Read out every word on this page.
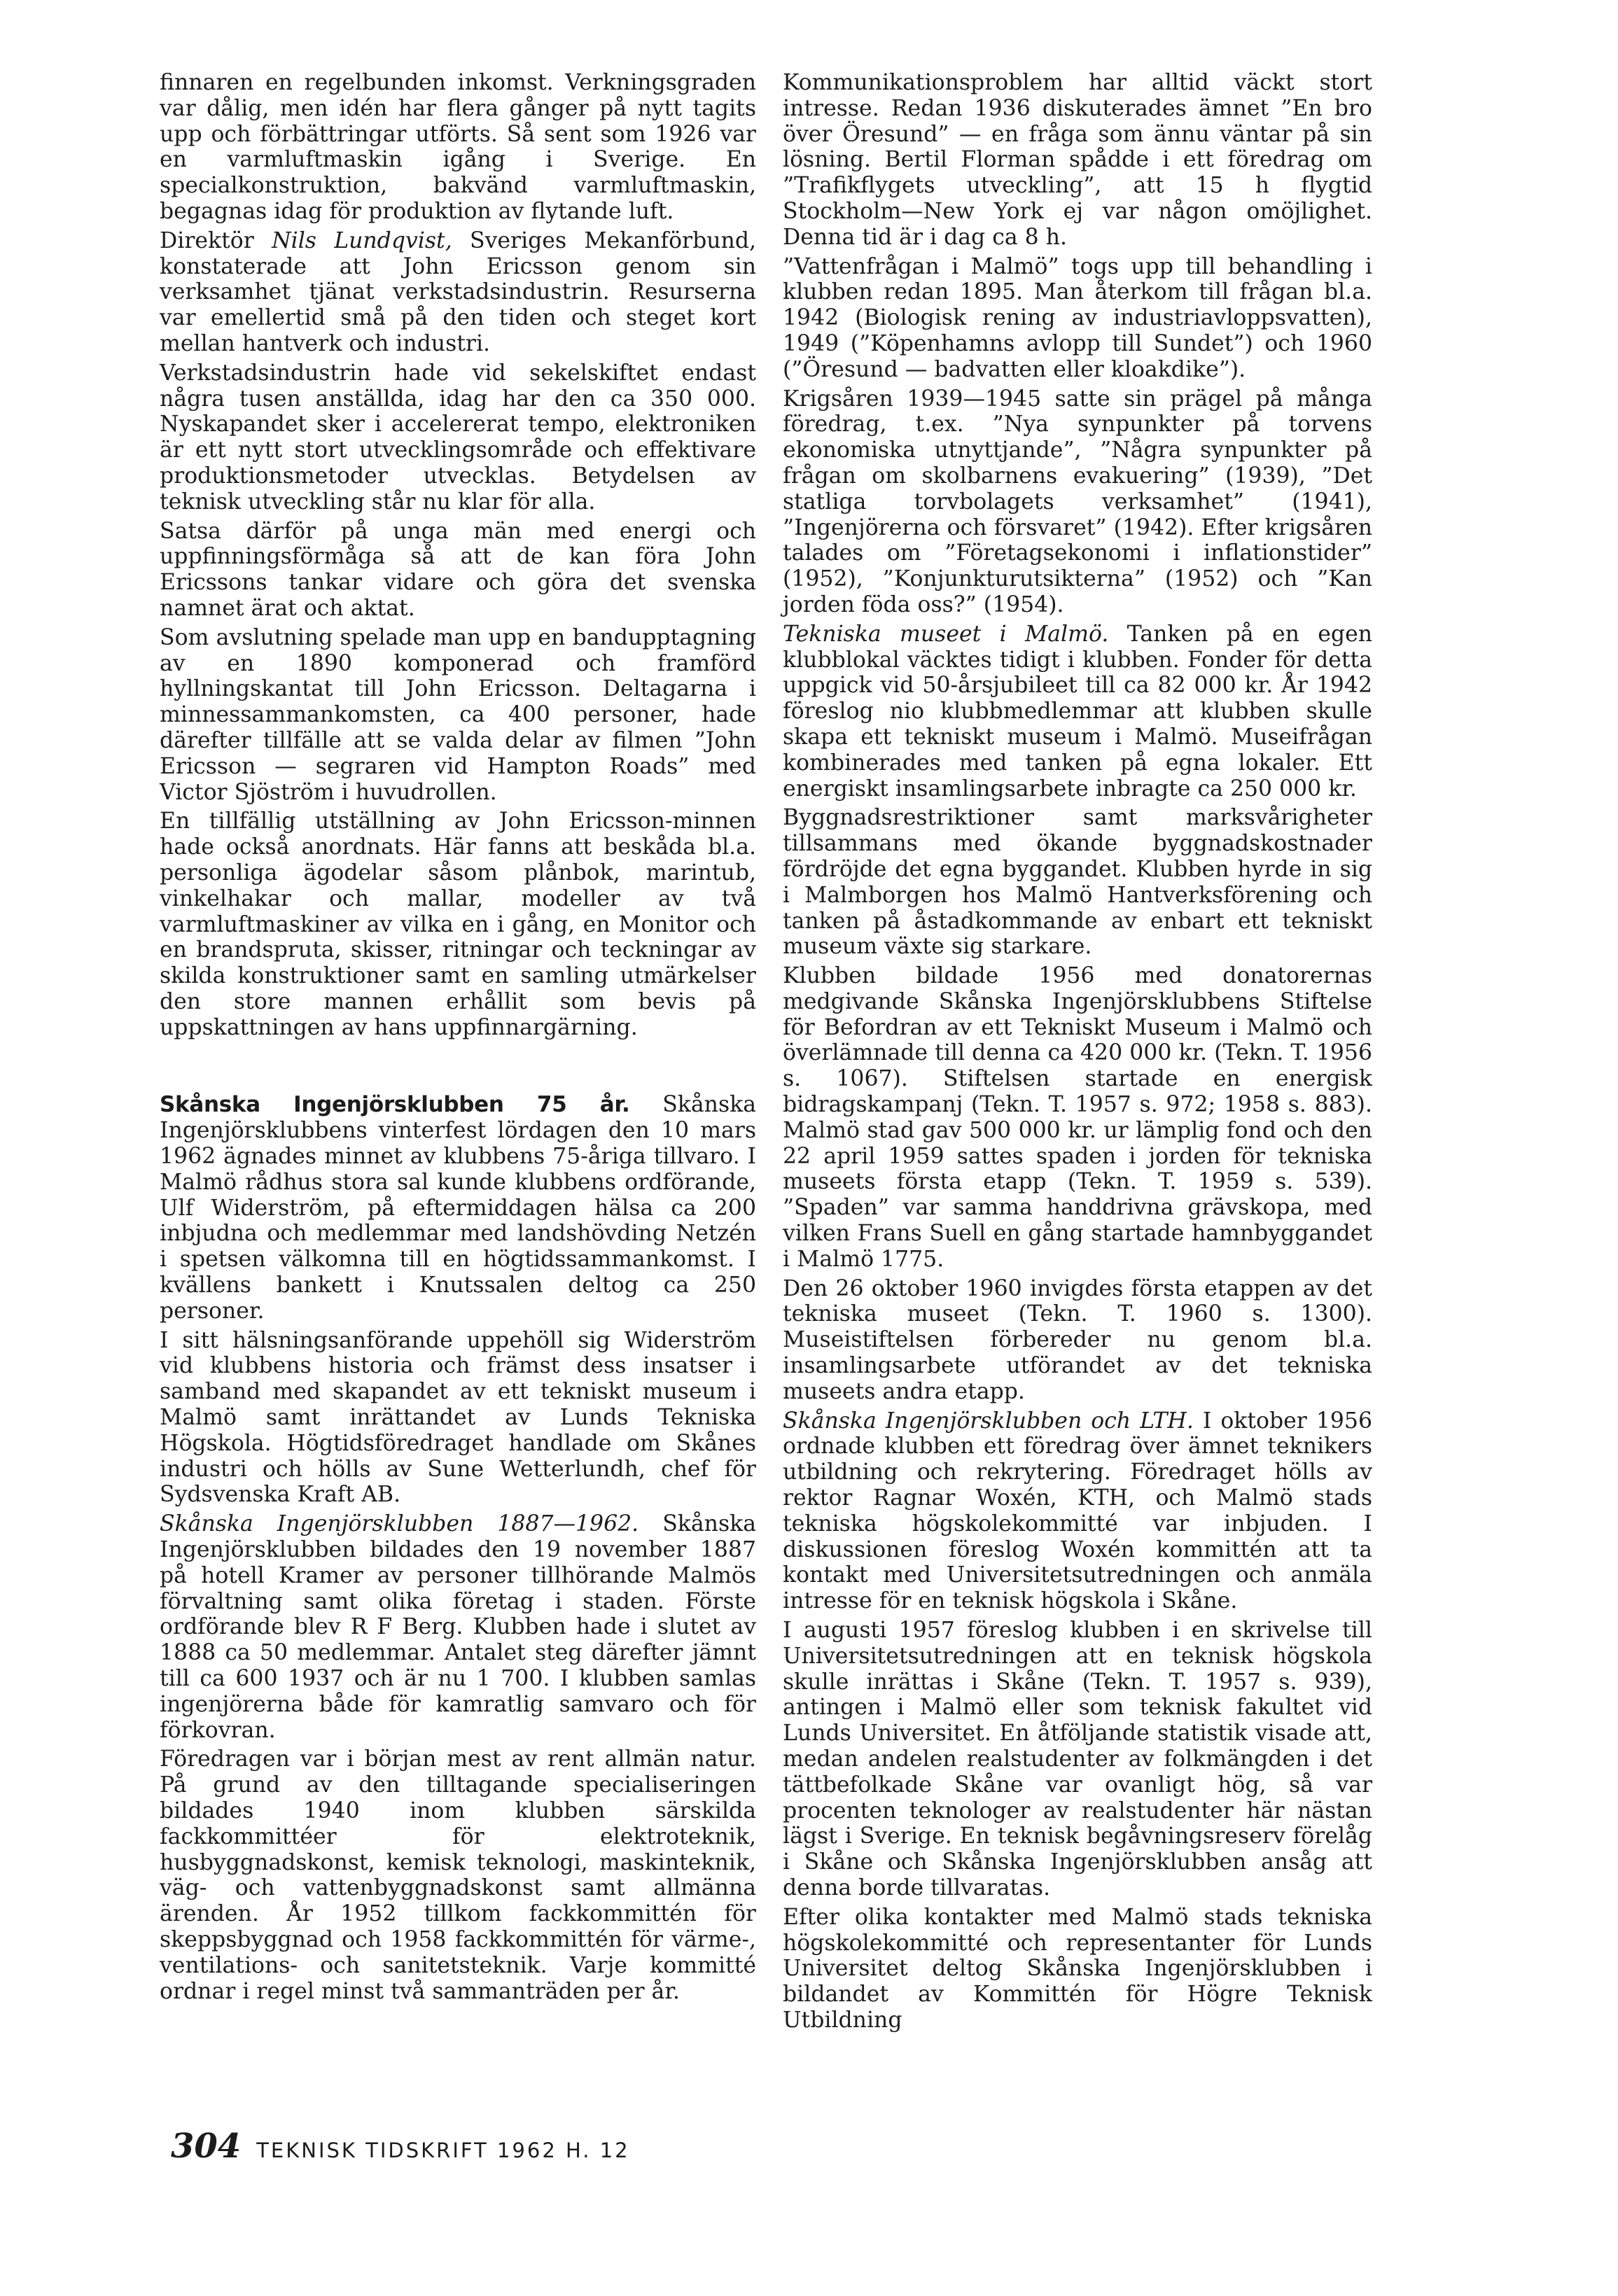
finnaren en regelbunden inkomst. Verkningsgraden var dålig, men idén har flera gånger på nytt tagits upp och förbättringar utförts. Så sent som 1926 var en varmluftmaskin igång i Sverige. En specialkonstruktion, bakvänd varmluftmaskin, begagnas idag för produktion av flytande luft.

Direktör Nils Lundqvist, Sveriges Mekanförbund, konstaterade att John Ericsson genom sin verksamhet tjänat verkstadsindustrin. Resurserna var emellertid små på den tiden och steget kort mellan hantverk och industri.

Verkstadsindustrin hade vid sekelskiftet endast några tusen anställda, idag har den ca 350 000. Nyskapandet sker i accelererat tempo, elektroniken är ett nytt stort utvecklingsområde och effektivare produktionsmetoder utvecklas. Betydelsen av teknisk utveckling står nu klar för alla.

Satsa därför på unga män med energi och uppfinningsförmåga så att de kan föra John Ericssons tankar vidare och göra det svenska namnet ärat och aktat.

Som avslutning spelade man upp en bandupptagning av en 1890 komponerad och framförd hyllningskantat till John Ericsson. Deltagarna i minnessammankomsten, ca 400 personer, hade därefter tillfälle att se valda delar av filmen ”John Ericsson — segraren vid Hampton Roads” med Victor Sjöström i huvudrollen.

En tillfällig utställning av John Ericsson-minnen hade också anordnats. Här fanns att beskåda bl.a. personliga ägodelar såsom plånbok, marintub, vinkelhakar och mallar, modeller av två varmluftmaskiner av vilka en i gång, en Monitor och en brandspruta, skisser, ritningar och teckningar av skilda konstruktioner samt en samling utmärkelser den store mannen erhållit som bevis på uppskattningen av hans uppfinnargärning.

Skånska Ingenjörsklubben 75 år. Skånska Ingenjörsklubbens vinterfest lördagen den 10 mars 1962 ägnades minnet av klubbens 75-åriga tillvaro. I Malmö rådhus stora sal kunde klubbens ordförande, Ulf Widerström, på eftermiddagen hälsa ca 200 inbjudna och medlemmar med landshövding Netzén i spetsen välkomna till en högtidssammankomst. I kvällens bankett i Knutssalen deltog ca 250 personer.

I sitt hälsningsanförande uppehöll sig Widerström vid klubbens historia och främst dess insatser i samband med skapandet av ett tekniskt museum i Malmö samt inrättandet av Lunds Tekniska Högskola. Högtidsföredraget handlade om Skånes industri och hölls av Sune Wetterlundh, chef för Sydsvenska Kraft AB.

Skånska Ingenjörsklubben 1887—1962. Skånska Ingenjörsklubben bildades den 19 november 1887 på hotell Kramer av personer tillhörande Malmös förvaltning samt olika företag i staden. Förste ordförande blev R F Berg. Klubben hade i slutet av 1888 ca 50 medlemmar. Antalet steg därefter jämnt till ca 600 1937 och är nu 1 700. I klubben samlas ingenjörerna både för kamratlig samvaro och för förkovran.

Föredragen var i början mest av rent allmän natur. På grund av den tilltagande specialiseringen bildades 1940 inom klubben särskilda fackkommittéer för elektroteknik, husbyggnadskonst, kemisk teknologi, maskinteknik, väg- och vattenbyggnadskonst samt allmänna ärenden. År 1952 tillkom fackkommittén för skeppsbyggnad och 1958 fackkommittén för värme-, ventilations- och sanitetsteknik. Varje kommitté ordnar i regel minst två sammanträden per år.

Kommunikationsproblem har alltid väckt stort intresse. Redan 1936 diskuterades ämnet ”En bro över Öresund” — en fråga som ännu väntar på sin lösning. Bertil Florman spådde i ett föredrag om ”Trafikflygets utveckling”, att 15 h flygtid Stockholm—New York ej var någon omöjlighet. Denna tid är i dag ca 8 h.

”Vattenfrågan i Malmö” togs upp till behandling i klubben redan 1895. Man återkom till frågan bl.a. 1942 (Biologisk rening av industriavloppsvatten), 1949 (”Köpenhamns avlopp till Sundet”) och 1960 (”Öresund — badvatten eller kloakdike”).

Krigsåren 1939—1945 satte sin prägel på många föredrag, t.ex. ”Nya synpunkter på torvens ekonomiska utnyttjande”, ”Några synpunkter på frågan om skolbarnens evakuering” (1939), ”Det statliga torvbolagets verksamhet” (1941), ”Ingenjörerna och försvaret” (1942). Efter krigsåren talades om ”Företagsekonomi i inflationstider” (1952), ”Konjunkturutsikterna” (1952) och ”Kan jorden föda oss?” (1954).

Tekniska museet i Malmö. Tanken på en egen klubblokal väcktes tidigt i klubben. Fonder för detta uppgick vid 50-årsjubileet till ca 82 000 kr. År 1942 föreslog nio klubbmedlemmar att klubben skulle skapa ett tekniskt museum i Malmö. Museifrågan kombinerades med tanken på egna lokaler. Ett energiskt insamlingsarbete inbragte ca 250 000 kr.

Byggnadsrestriktioner samt marksvårigheter tillsammans med ökande byggnadskostnader fördröjde det egna byggandet. Klubben hyrde in sig i Malmborgen hos Malmö Hantverksförening och tanken på åstadkommande av enbart ett tekniskt museum växte sig starkare.

Klubben bildade 1956 med donatorernas medgivande Skånska Ingenjörsklubbens Stiftelse för Befordran av ett Tekniskt Museum i Malmö och överlämnade till denna ca 420 000 kr. (Tekn. T. 1956 s. 1067). Stiftelsen startade en energisk bidragskampanj (Tekn. T. 1957 s. 972; 1958 s. 883). Malmö stad gav 500 000 kr. ur lämplig fond och den 22 april 1959 sattes spaden i jorden för tekniska museets första etapp (Tekn. T. 1959 s. 539). ”Spaden” var samma handdrivna grävskopa, med vilken Frans Suell en gång startade hamnbyggandet i Malmö 1775.

Den 26 oktober 1960 invigdes första etappen av det tekniska museet (Tekn. T. 1960 s. 1300). Museistiftelsen förbereder nu genom bl.a. insamlingsarbete utförandet av det tekniska museets andra etapp.

Skånska Ingenjörsklubben och LTH. I oktober 1956 ordnade klubben ett föredrag över ämnet teknikers utbildning och rekrytering. Föredraget hölls av rektor Ragnar Woxén, KTH, och Malmö stads tekniska högskolekommitté var inbjuden. I diskussionen föreslog Woxén kommittén att ta kontakt med Universitetsutredningen och anmäla intresse för en teknisk högskola i Skåne.

I augusti 1957 föreslog klubben i en skrivelse till Universitetsutredningen att en teknisk högskola skulle inrättas i Skåne (Tekn. T. 1957 s. 939), antingen i Malmö eller som teknisk fakultet vid Lunds Universitet. En åtföljande statistik visade att, medan andelen realstudenter av folkmängden i det tättbefolkade Skåne var ovanligt hög, så var procenten teknologer av realstudenter här nästan lägst i Sverige. En teknisk begåvningsreserv förelåg i Skåne och Skånska Ingenjörsklubben ansåg att denna borde tillvaratas.

Efter olika kontakter med Malmö stads tekniska högskolekommitté och representanter för Lunds Universitet deltog Skånska Ingenjörsklubben i bildandet av Kommittén för Högre Teknisk Utbildning

304 TEKNISK TIDSKRIFT 1962 H. 12
